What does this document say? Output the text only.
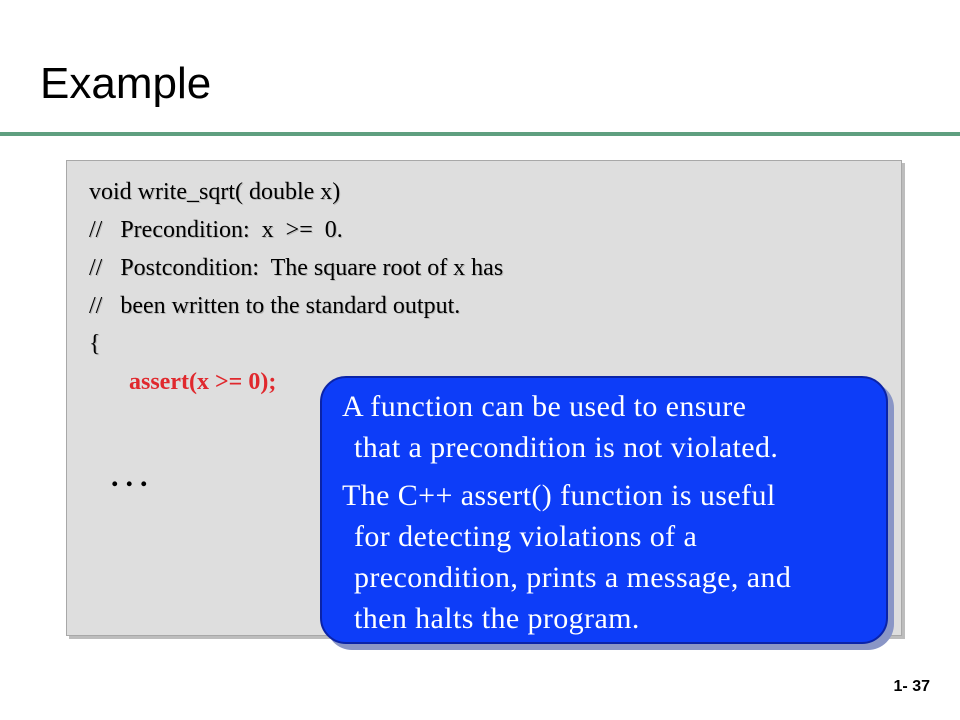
Example
void write_sqrt( double x)
//   Precondition:  x  >=  0.
//   Postcondition:  The square root of x has
//   been written to the standard output.
{
assert(x >= 0);
...

A function can be used to ensure
that a precondition is not violated.

The C++ assert() function is useful
for detecting violations of a
precondition, prints a message, and
then halts the program.

1- 37
